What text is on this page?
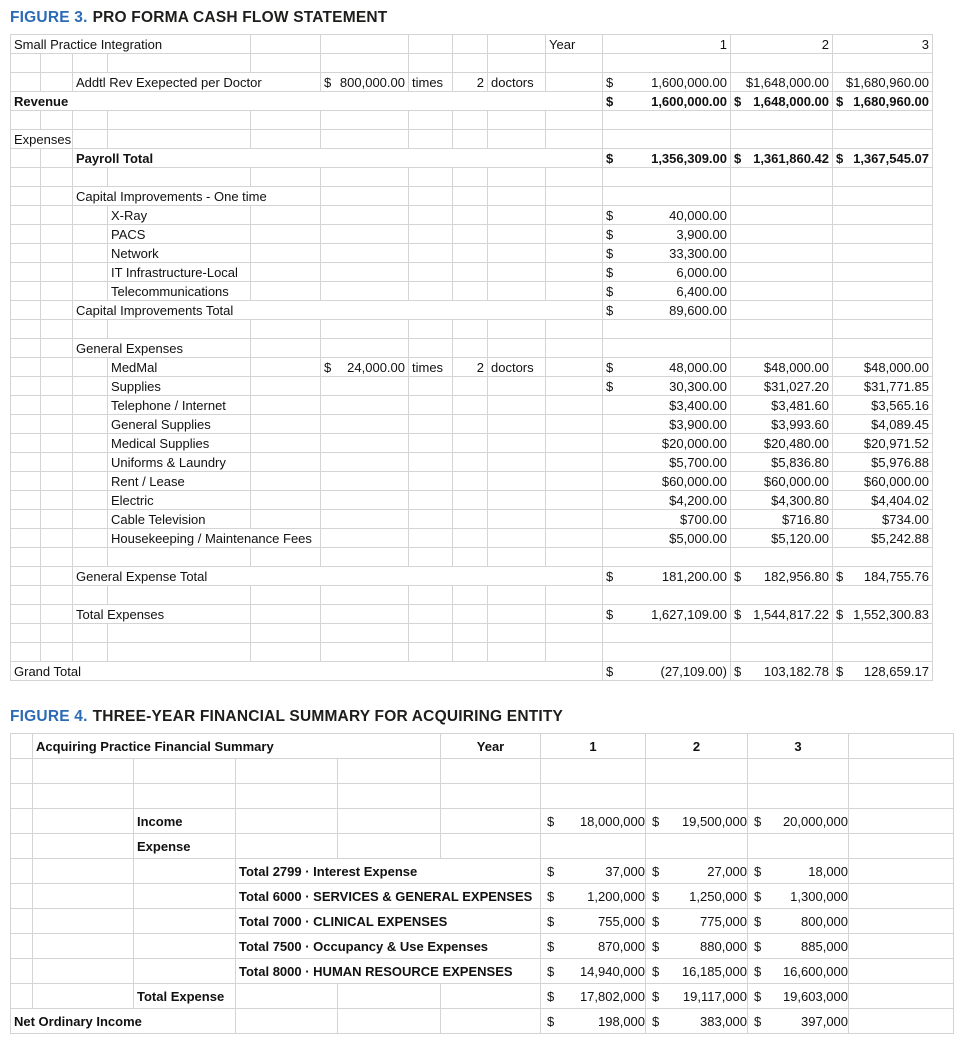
FIGURE 3. PRO FORMA CASH FLOW STATEMENT
Small Practice Integration									Year	1	2	3

		Addtl Rev Exepected per Doctor			$ 800,000.00	times	2	doctors		$ 1,600,000.00	$1,648,000.00	$1,680,960.00
Revenue										$ 1,600,000.00	$ 1,648,000.00	$ 1,680,960.00

Expenses												
		Payroll Total								$ 1,356,309.00	$ 1,361,860.42	$ 1,367,545.07

		Capital Improvements - One time										
			X-Ray							$ 40,000.00		

			PACS							$ 3,900.00		

			Network							$ 33,300.00		

			IT Infrastructure-Local							$ 6,000.00		

			Telecommunications							$ 6,400.00		

		Capital Improvements Total								$ 89,600.00		

		General Expenses										
			MedMal		$ 24,000.00	times	2	doctors		$ 48,000.00	$48,000.00	$48,000.00
			Supplies							$ 30,300.00	$31,027.20	$31,771.85
			Telephone / Internet							$3,400.00	$3,481.60	$3,565.16
			General Supplies							$3,900.00	$3,993.60	$4,089.45
			Medical Supplies							$20,000.00	$20,480.00	$20,971.52
			Uniforms & Laundry							$5,700.00	$5,836.80	$5,976.88
			Rent / Lease							$60,000.00	$60,000.00	$60,000.00
			Electric							$4,200.00	$4,300.80	$4,404.02
			Cable Television							$700.00	$716.80	$734.00
			Housekeeping / Maintenance Fees							$5,000.00	$5,120.00	$5,242.88

		General Expense Total								$ 181,200.00	$ 182,956.80	$ 184,755.76

		Total Expenses								$ 1,627,109.00	$ 1,544,817.22	$ 1,552,300.83

Grand Total										$ (27,109.00)	$ 103,182.78	$ 128,659.17
FIGURE 4. THREE-YEAR FINANCIAL SUMMARY FOR ACQUIRING ENTITY
	Acquiring Practice Financial Summary				Year	1	2	3	

		Income				$ 18,000,000	$ 19,500,000	$ 20,000,000	

		Expense							
			Total 2799 · Interest Expense			$ 37,000	$ 27,000	$ 18,000	

			Total 6000 · SERVICES & GENERAL EXPENSES			$ 1,200,000	$ 1,250,000	$ 1,300,000	

			Total 7000 · CLINICAL EXPENSES			$ 755,000	$ 775,000	$ 800,000	

			Total 7500 · Occupancy & Use Expenses			$ 870,000	$ 880,000	$ 885,000	

			Total 8000 · HUMAN RESOURCE EXPENSES			$ 14,940,000	$ 16,185,000	$ 16,600,000	

		Total Expense				$ 17,802,000	$ 19,117,000	$ 19,603,000	

Net Ordinary Income						$ 198,000	$ 383,000	$ 397,000	
